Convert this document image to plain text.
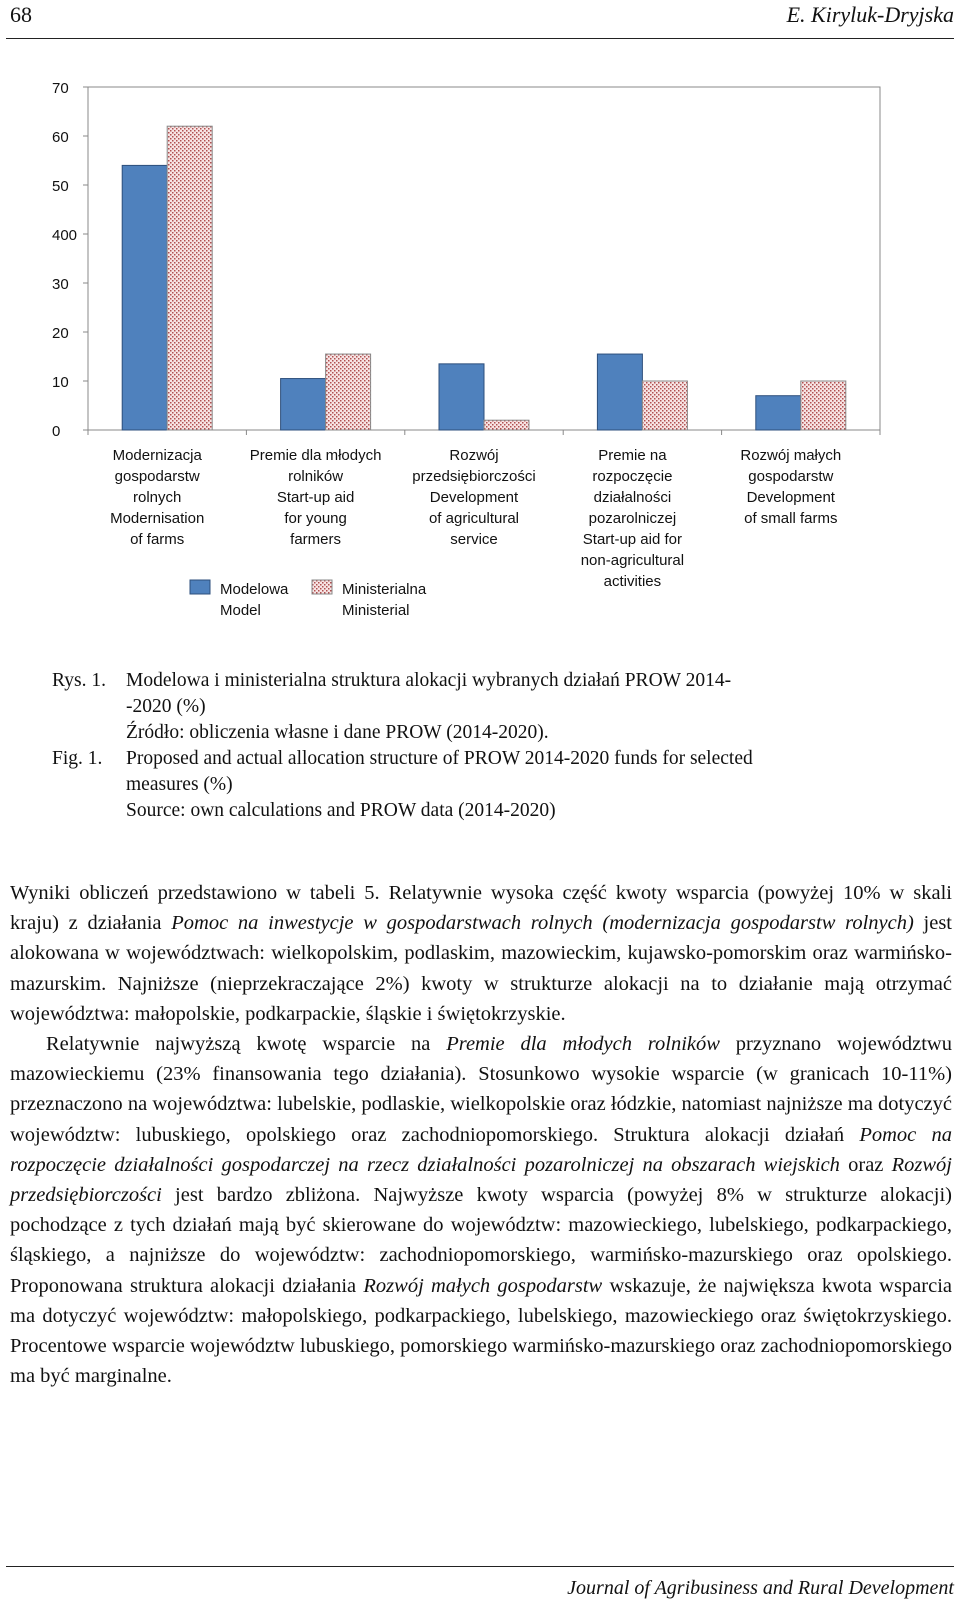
68	E. Kiryluk-Dryjska
0
10
20
30
400
50
60
70
Modernizacja gospodarstw rolnych Modernisation of farms
Premie dla młodych rolników Start-up aid for young farmers
Rozwój przedsiębiorczości Development of agricultural service
Premie na rozpoczęcie działalności pozarolniczej Start-up aid for non-agricultural activities
Rozwój małych gospodarstw Development of small farms
Modelowa Model
Ministerialna Ministerial
Rys. 1.	Modelowa i ministerialna struktura alokacji wybranych działań PROW 2014-
-2020 (%)
Źródło: obliczenia własne i dane PROW (2014-2020).
Fig. 1.	Proposed and actual allocation structure of PROW 2014-2020 funds for selected
measures (%)
Source: own calculations and PROW data (2014-2020)

Wyniki obliczeń przedstawiono w tabeli 5. Relatywnie wysoka część kwoty wsparcia (powyżej 10% w skali kraju) z działania Pomoc na inwestycje w gospodarstwach rolnych (modernizacja gospodarstw rolnych) jest alokowana w województwach: wielkopolskim, podlaskim, mazowieckim, kujawsko-pomorskim oraz warmińsko-mazurskim. Najniższe (nieprzekraczające 2%) kwoty w strukturze alokacji na to działanie mają otrzymać województwa: małopolskie, podkarpackie, śląskie i świętokrzyskie.

Relatywnie najwyższą kwotę wsparcie na Premie dla młodych rolników przyznano województwu mazowieckiemu (23% finansowania tego działania). Stosunkowo wysokie wsparcie (w granicach 10-11%) przeznaczono na województwa: lubelskie, podlaskie, wielkopolskie oraz łódzkie, natomiast najniższe ma dotyczyć województw: lubuskiego, opolskiego oraz zachodniopomorskiego. Struktura alokacji działań Pomoc na rozpoczęcie działalności gospodarczej na rzecz działalności pozarolniczej na obszarach wiejskich oraz Rozwój przedsiębiorczości jest bardzo zbliżona. Najwyższe kwoty wsparcia (powyżej 8% w strukturze alokacji) pochodzące z tych działań mają być skierowane do województw: mazowieckiego, lubelskiego, podkarpackiego, śląskiego, a najniższe do województw: zachodniopomorskiego, warmińsko-mazurskiego oraz opolskiego. Proponowana struktura alokacji działania Rozwój małych gospodarstw wskazuje, że największa kwota wsparcia ma dotyczyć województw: małopolskiego, podkarpackiego, lubelskiego, mazowieckiego oraz świętokrzyskiego. Procentowe wsparcie województw lubuskiego, pomorskiego warmińsko-mazurskiego oraz zachodniopomorskiego ma być marginalne.

Journal of Agribusiness and Rural Development
